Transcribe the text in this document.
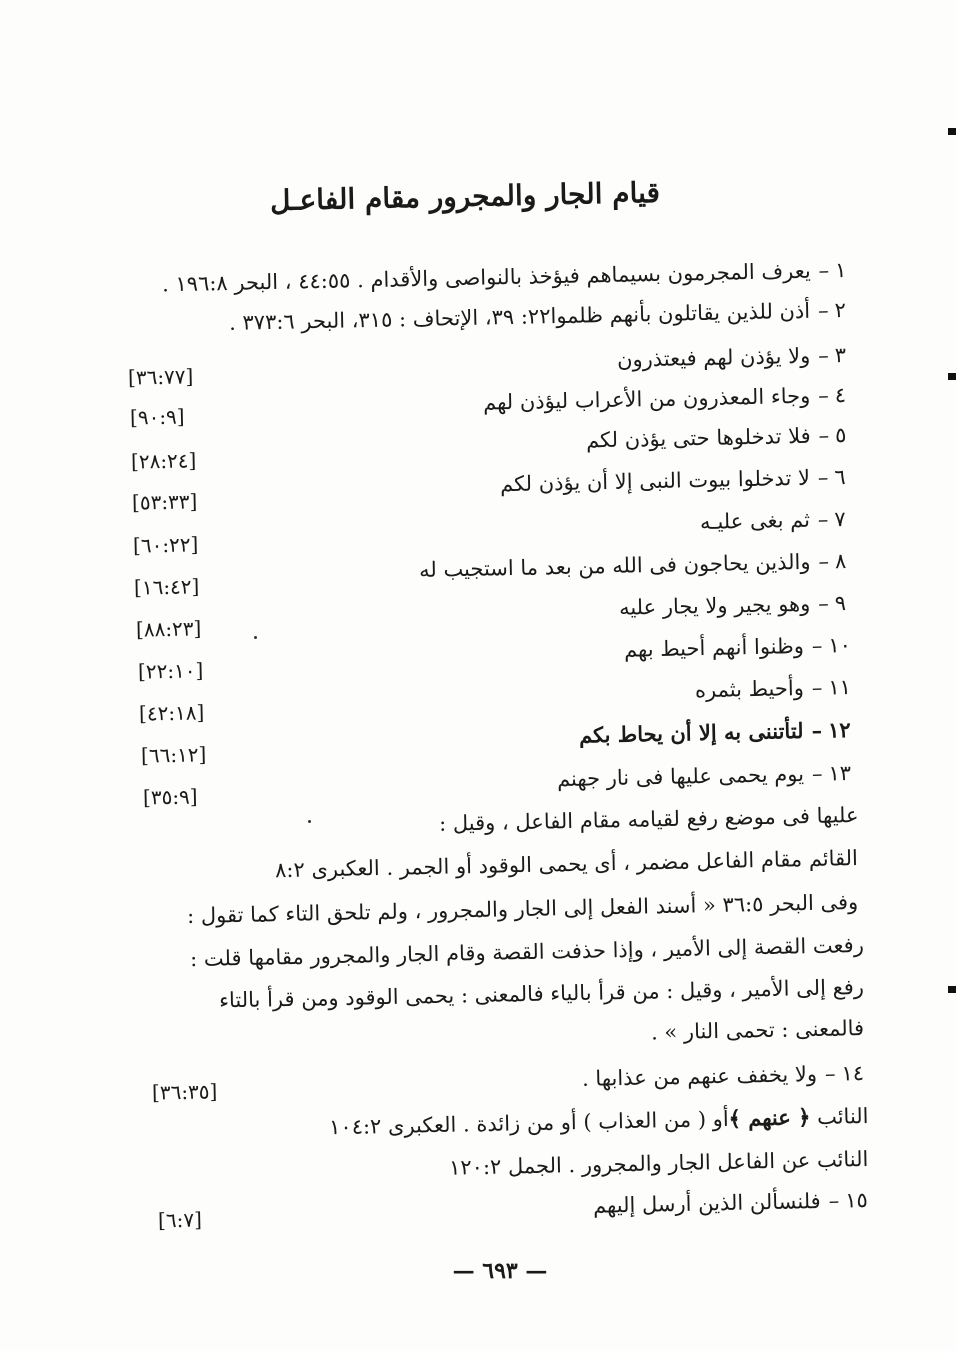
قيام الجار والمجرور مقام الفاعـل
١–يعرف المجرمون بسيماهم فيؤخذ بالنواصى والأقدام . ٤٤:٥٥ ، البحر ١٩٦:٨ .
٢–أذن للذين يقاتلون بأنهم ظلموا٢٢: ٣٩، الإتحاف : ٣١٥، البحر ٣٧٣:٦ .
٣–ولا يؤذن لهم فيعتذرون
٤–وجاء المعذرون من الأعراب ليؤذن لهم
٥–فلا تدخلوها حتى يؤذن لكم
٦–لا تدخلوا بيوت النبى إلا أن يؤذن لكم
٧–ثم بغى عليـه
٨–والذين يحاجون فى الله من بعد ما استجيب له
٩–وهو يجير ولا يجار عليه
١٠–وظنوا أنهم أحيط بهم
١١–وأحيط بثمره
١٢–لتأتننى به إلا أن يحاط بكم
١٣–يوم يحمى عليها فى نار جهنم
[٣٦:٧٧]
[٩٠:٩]
[٢٨:٢٤]
[٥٣:٣٣]
[٦٠:٢٢]
[١٦:٤٢]
[٨٨:٢٣]
[٢٢:١٠]
[٤٢:١٨]
[٦٦:١٢]
[٣٥:٩]
عليها فى موضع رفع لقيامه مقام الفاعل ، وقيل :
القائم مقام الفاعل مضمر ، أى يحمى الوقود أو الجمر . العكبرى ٨:٢
وفى البحر ٣٦:٥ « أسند الفعل إلى الجار والمجرور ، ولم تلحق التاء كما تقول :
رفعت القصة إلى الأمير ، وإذا حذفت القصة وقام الجار والمجرور مقامها قلت :
رفع إلى الأمير ، وقيل : من قرأ بالياء فالمعنى : يحمى الوقود ومن قرأ بالتاء
فالمعنى : تحمى النار » .
١٤–ولا يخفف عنهم من عذابها .
[٣٦:٣٥]
النائب ﴿ عنهم ﴾أو ( من العذاب ) أو من زائدة . العكبرى ١٠٤:٢
النائب عن الفاعل الجار والمجرور . الجمل ١٢٠:٢
١٥–فلنسألن الذين أرسل إليهم
[٦:٧]
— ٦٩٣ —
